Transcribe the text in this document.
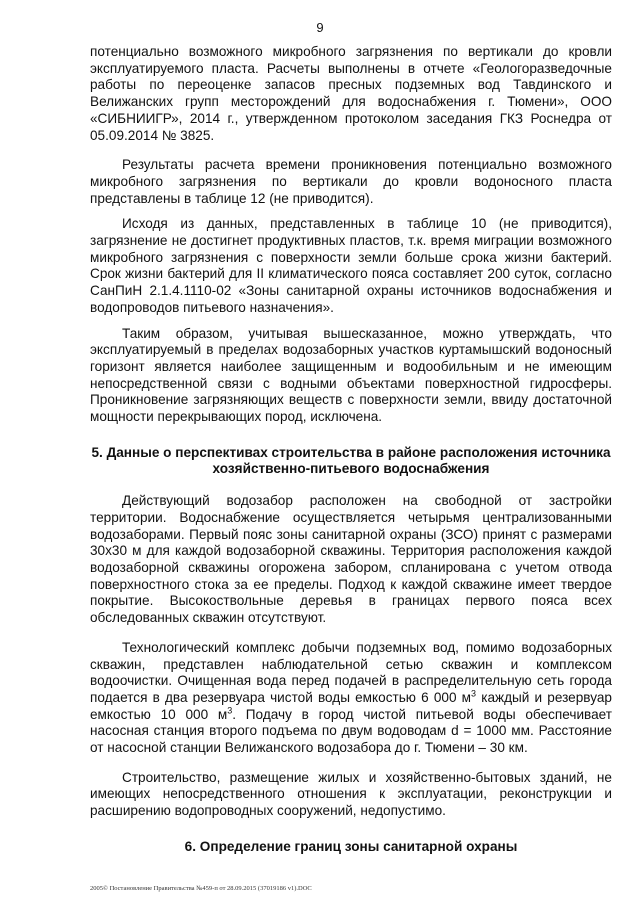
9

потенциально возможного микробного загрязнения по вертикали до кровли эксплуатируемого пласта. Расчеты выполнены в отчете «Геологоразведочные работы по переоценке запасов пресных подземных вод Тавдинского и Велижанских групп месторождений для водоснабжения г. Тюмени», ООО «СИБНИИГР», 2014 г., утвержденном протоколом заседания ГКЗ Роснедра от 05.09.2014 № 3825.

Результаты расчета времени проникновения потенциально возможного микробного загрязнения по вертикали до кровли водоносного пласта представлены в таблице 12 (не приводится).

Исходя из данных, представленных в таблице 10 (не приводится), загрязнение не достигнет продуктивных пластов, т.к. время миграции возможного микробного загрязнения с поверхности земли больше срока жизни бактерий. Срок жизни бактерий для II климатического пояса составляет 200 суток, согласно СанПиН 2.1.4.1110-02 «Зоны санитарной охраны источников водоснабжения и водопроводов питьевого назначения».

Таким образом, учитывая вышесказанное, можно утверждать, что эксплуатируемый в пределах водозаборных участков куртамышский водоносный горизонт является наиболее защищенным и водообильным и не имеющим непосредственной связи с водными объектами поверхностной гидросферы. Проникновение загрязняющих веществ с поверхности земли, ввиду достаточной мощности перекрывающих пород, исключена.

5. Данные о перспективах строительства в районе расположения источника хозяйственно-питьевого водоснабжения

Действующий водозабор расположен на свободной от застройки территории. Водоснабжение осуществляется четырьмя централизованными водозаборами. Первый пояс зоны санитарной охраны (ЗСО) принят с размерами 30х30 м для каждой водозаборной скважины. Территория расположения каждой водозаборной скважины огорожена забором, спланирована с учетом отвода поверхностного стока за ее пределы. Подход к каждой скважине имеет твердое покрытие. Высокоствольные деревья в границах первого пояса всех обследованных скважин отсутствуют.

Технологический комплекс добычи подземных вод, помимо водозаборных скважин, представлен наблюдательной сетью скважин и комплексом водоочистки. Очищенная вода перед подачей в распределительную сеть города подается в два резервуара чистой воды емкостью 6 000 $м^3$ каждый и резервуар емкостью 10 000 $м^3$. Подачу в город чистой питьевой воды обеспечивает насосная станция второго подъема по двум водоводам d = 1000 мм. Расстояние от насосной станции Велижанского водозабора до г. Тюмени – 30 км.

Строительство, размещение жилых и хозяйственно-бытовых зданий, не имеющих непосредственного отношения к эксплуатации, реконструкции и расширению водопроводных сооружений, недопустимо.

6. Определение границ зоны санитарной охраны

2005© Постановление Правительства №459-п от 28.09.2015 (37019186 v1).DOC
